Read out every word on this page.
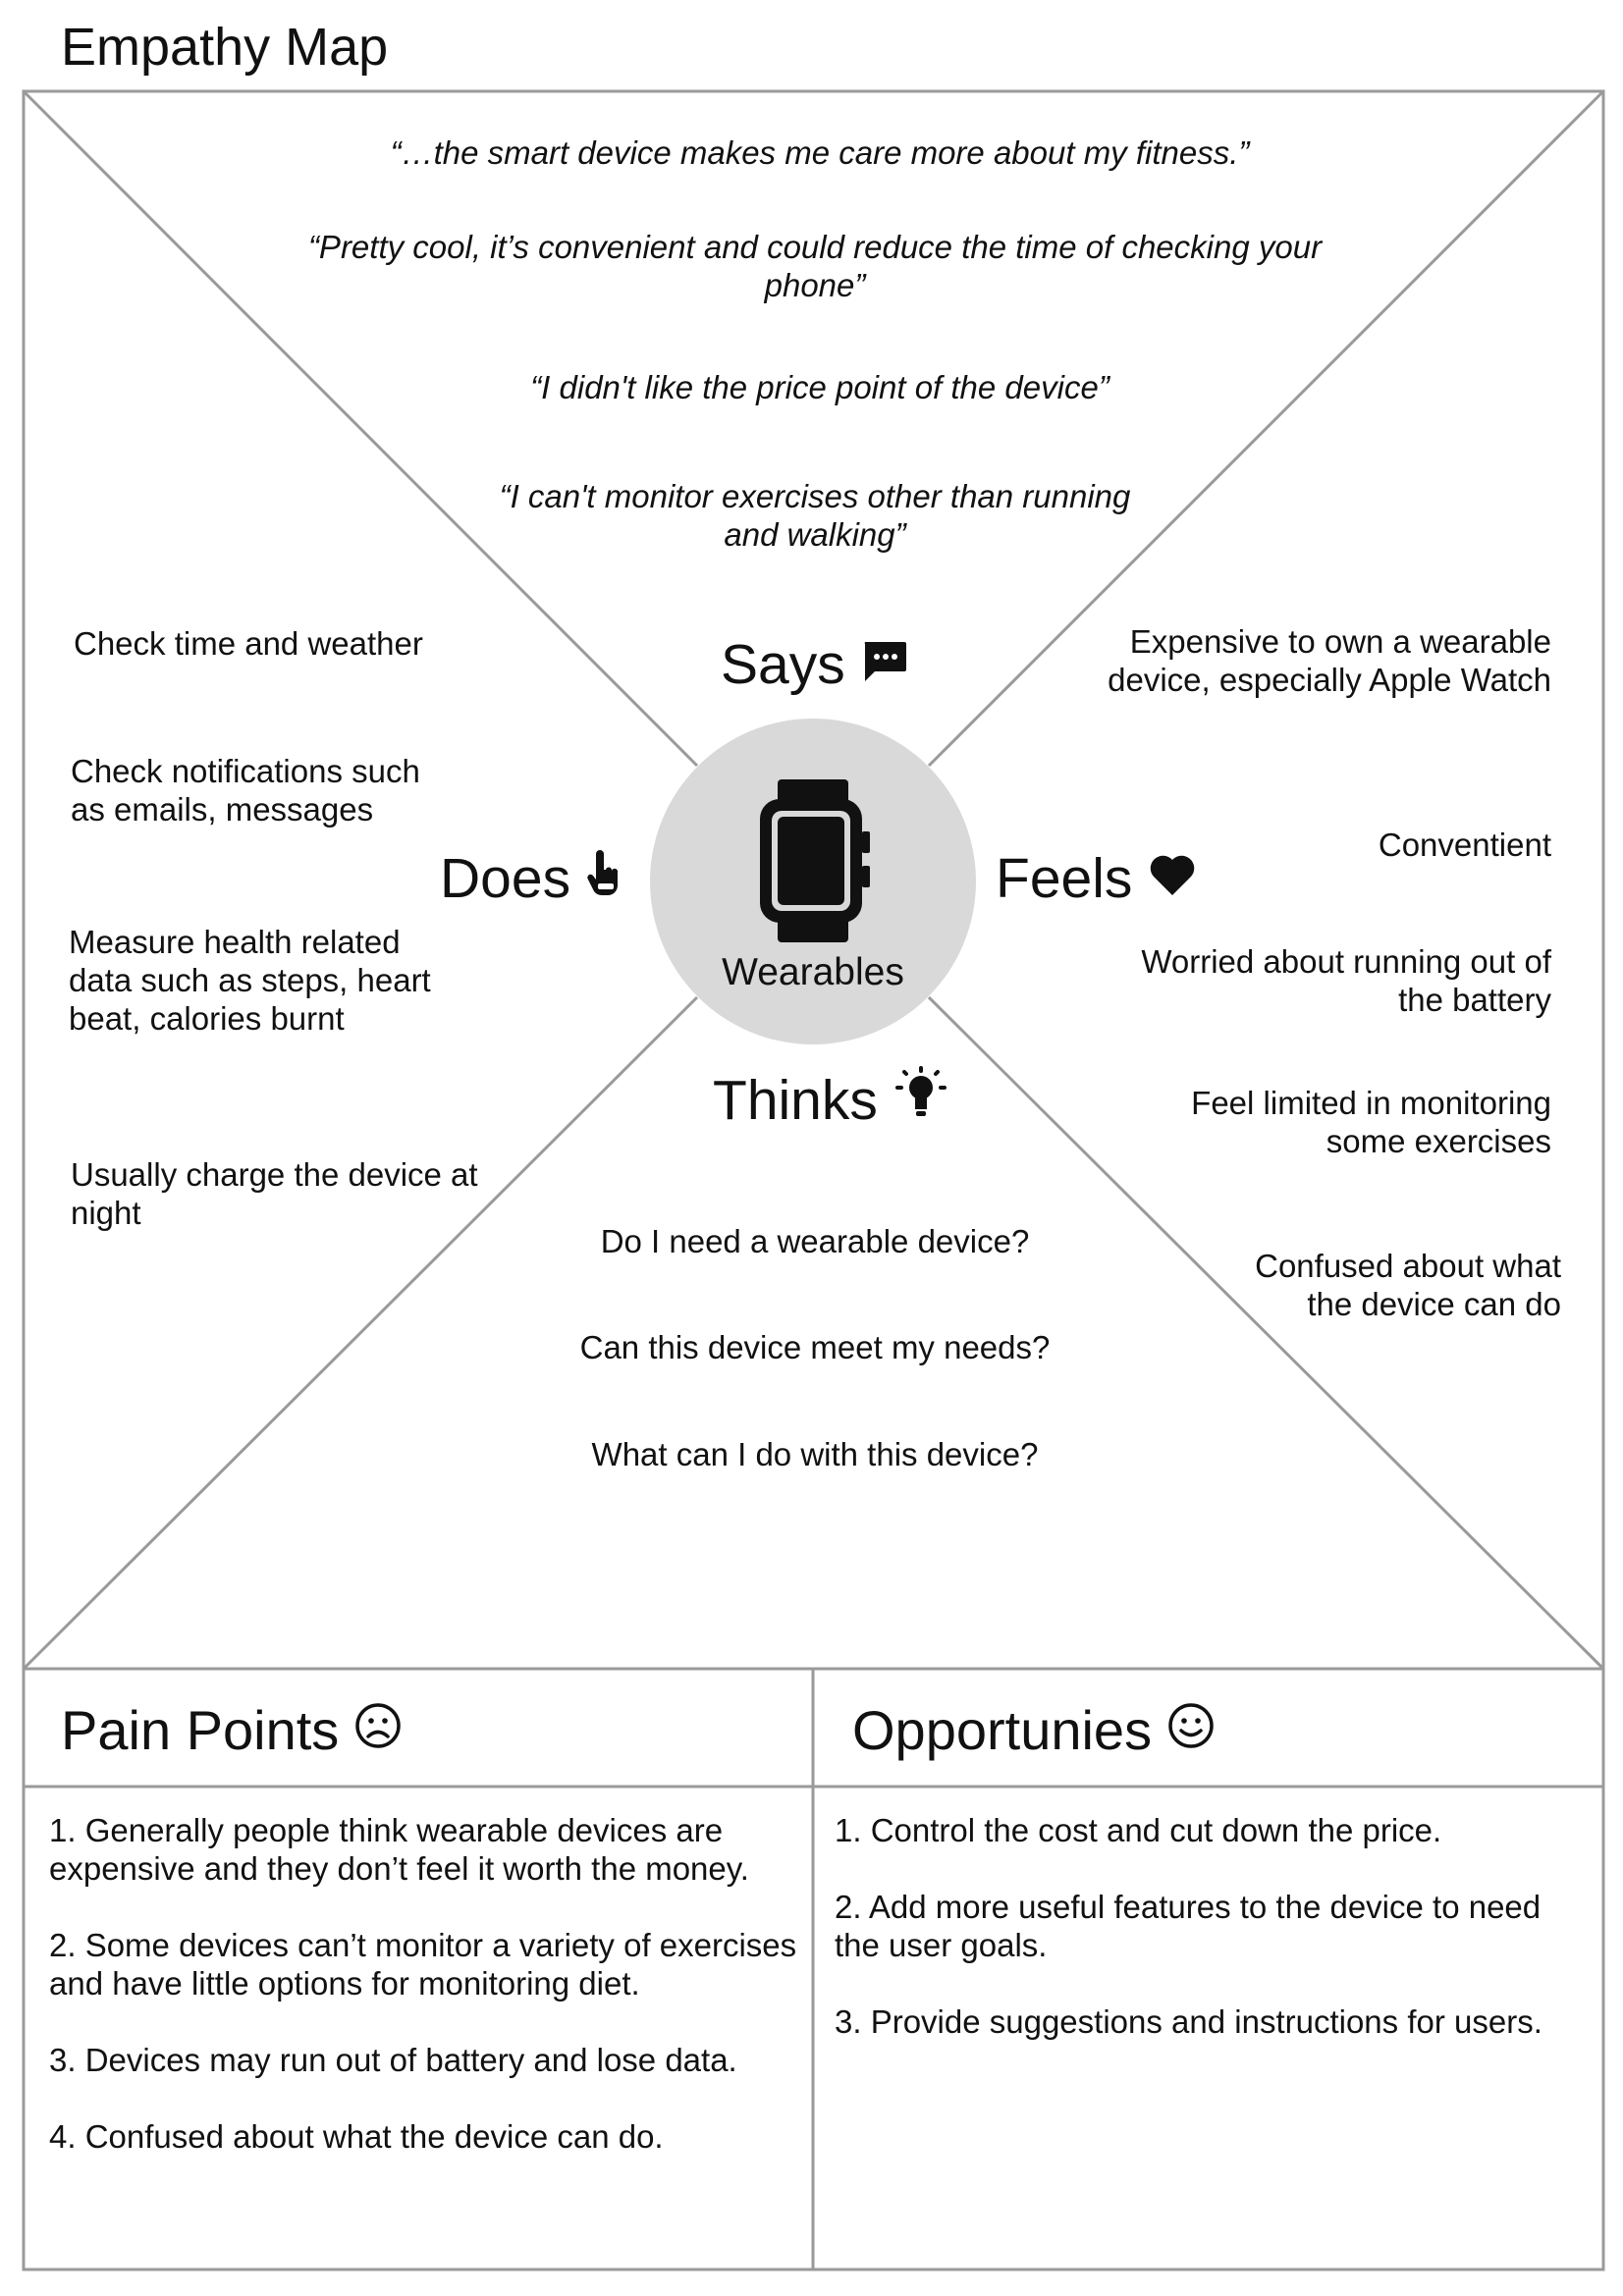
Empathy Map

“…the smart device makes me care more about my fitness.”

“Pretty cool, it’s convenient and could reduce the time of checking your phone”

“I didn't like the price point of the device”

“I can't monitor exercises other than running and walking”

Says

Check time and weather

Check notifications such as emails, messages

Measure health related data such as steps, heart beat, calories burnt

Usually charge the device at night

Does
Wearables
Feels

Expensive to own a wearable device, especially Apple Watch

Conventient

Worried about running out of the battery

Feel limited in monitoring some exercises

Confused about what the device can do

Thinks

Do I need a wearable device?

Can this device meet my needs?

What can I do with this device?

Pain Points

1. Generally people think wearable devices are expensive and they don’t feel it worth the money.

2. Some devices can’t monitor a variety of exercises and have little options for monitoring diet.

3. Devices may run out of battery and lose data.

4. Confused about what the device can do.

Opportunies

1. Control the cost and cut down the price.

2. Add more useful features to the device to need the user goals.

3. Provide suggestions and instructions for users.
